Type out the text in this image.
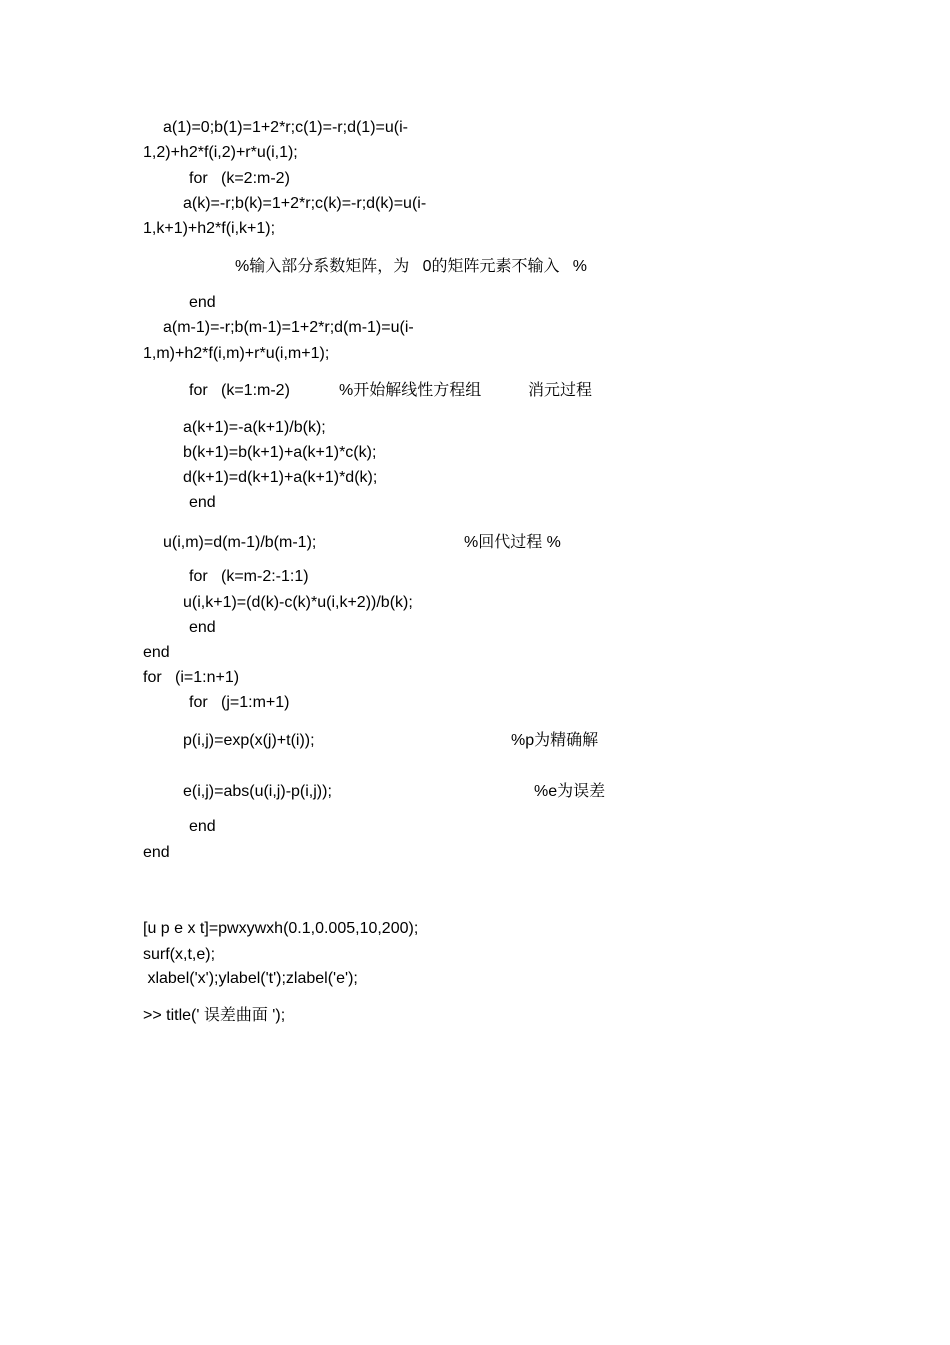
a(1)=0;b(1)=1+2*r;c(1)=-r;d(1)=u(i-
1,2)+h2*f(i,2)+r*u(i,1);
for   (k=2:m-2)
a(k)=-r;b(k)=1+2*r;c(k)=-r;d(k)=u(i-
1,k+1)+h2*f(i,k+1);
%输入部分系数矩阵，为   0的矩阵元素不输入   %
end
a(m-1)=-r;b(m-1)=1+2*r;d(m-1)=u(i-
1,m)+h2*f(i,m)+r*u(i,m+1);
for   (k=1:m-2)	%开始解线性方程组	消元过程
a(k+1)=-a(k+1)/b(k);
b(k+1)=b(k+1)+a(k+1)*c(k);
d(k+1)=d(k+1)+a(k+1)*d(k);
end
u(i,m)=d(m-1)/b(m-1);	%回代过程 %
for   (k=m-2:-1:1)
u(i,k+1)=(d(k)-c(k)*u(i,k+2))/b(k);
end
end
for   (i=1:n+1)
for   (j=1:m+1)
p(i,j)=exp(x(j)+t(i));	%p为精确解
e(i,j)=abs(u(i,j)-p(i,j));	%e为误差
end
end
[u p e x t]=pwxywxh(0.1,0.005,10,200);
surf(x,t,e);
xlabel('x');ylabel('t');zlabel('e');
>> title(' 误差曲面 ');
